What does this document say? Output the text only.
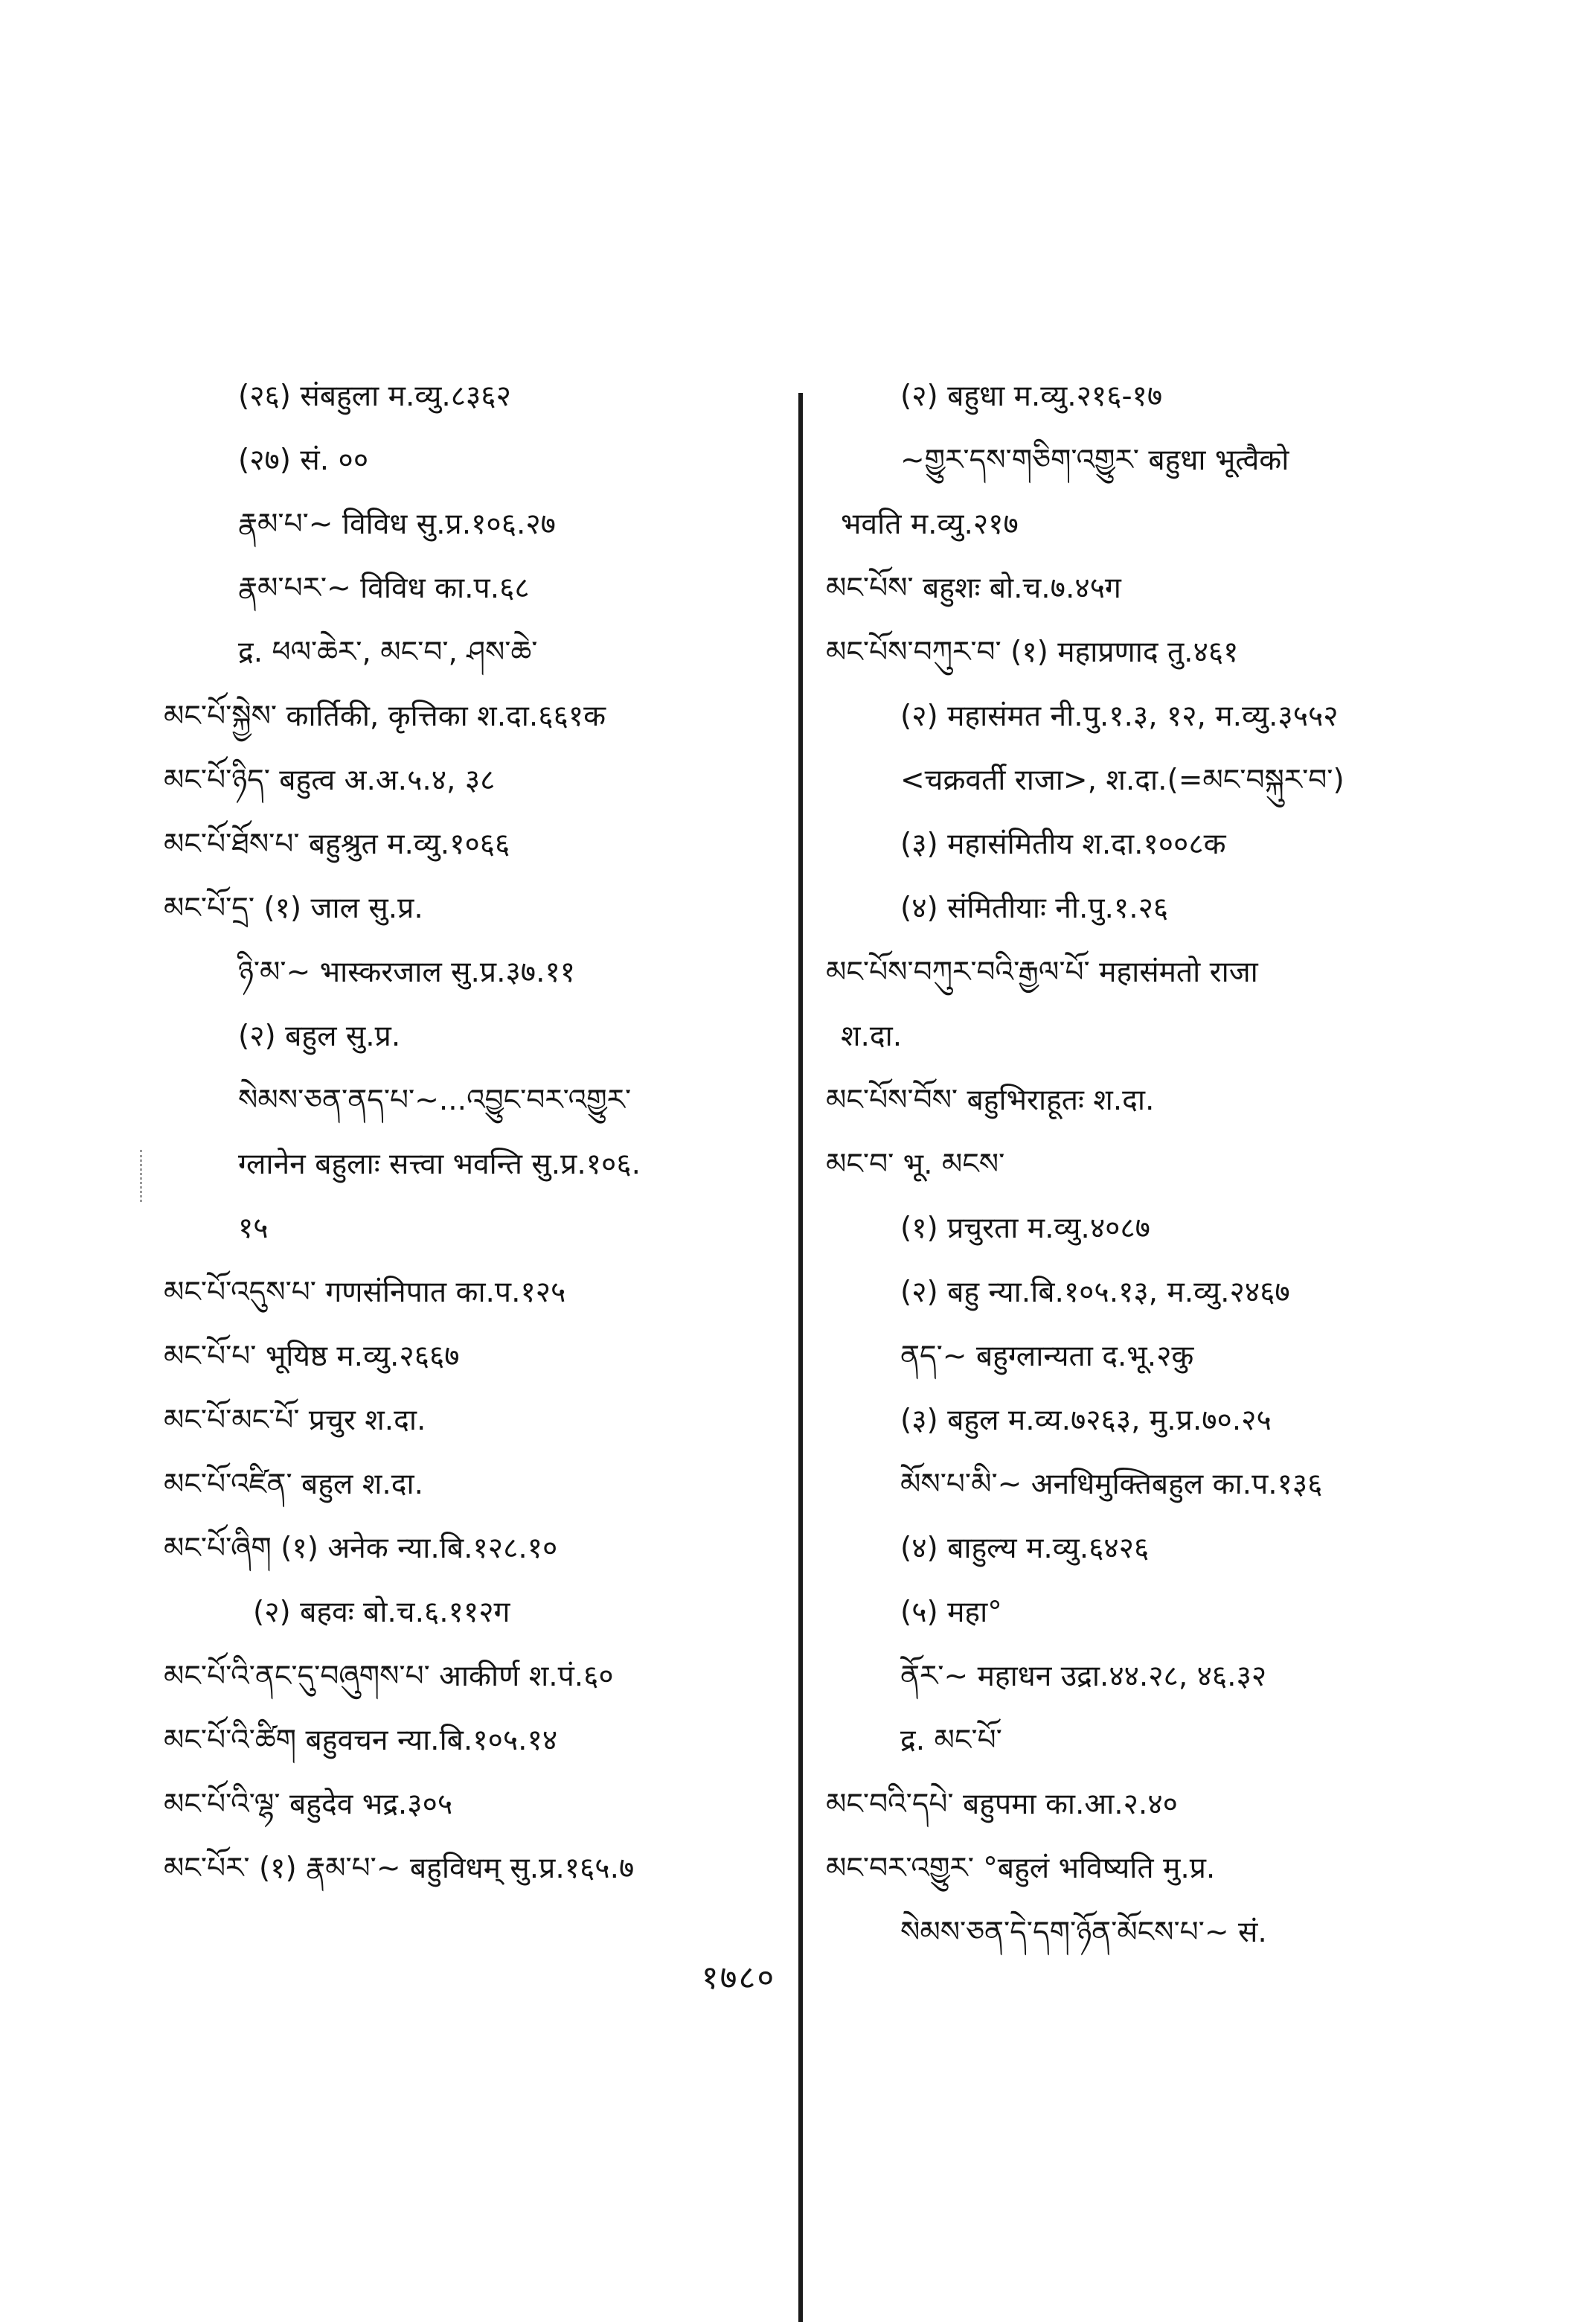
(२६) संबहुला म.व्यु.८३६२
(२७) सं. ००
རྣམ་པ་~ विविध सु.प्र.१०६.२७
རྣམ་པར་~ विविध का.प.६८
द्र. ཕལ་ཆེར་, མང་བ་, ཤས་ཆེ་
མང་པོ་སྐྱེས་ कार्तिकी, कृत्तिका श.दा.६६१क
མང་པོ་ཉིད་ बहुत्व अ.अ.५.४, ३८
མང་པོ་ཐོས་པ་ बहुश्रुत म.व्यु.१०६६
མང་པོ་དྲ་ (१) जाल सु.प्र.
ཉི་མ་~ भास्करजाल सु.प्र.३७.११
(२) बहुल सु.प्र.
སེམས་ཅན་ནད་པ་~...འབྱུང་བར་འགྱུར་
ग्लानेन बहुलाः सत्त्वा भवन्ति सु.प्र.१०६.
१५
མང་པོ་འདུས་པ་ गणसंनिपात का.प.१२५
མང་པོ་པ་ भूयिष्ठ म.व्यु.२६६७
མང་པོ་མང་པོ་ प्रचुर श.दा.
མང་པོ་འཛིན་ बहुल श.दा.
མང་པོ་ཞིག (१) अनेक न्या.बि.१२८.१०
(२) बहवः बो.च.६.११२ग
མང་པོ་འི་ནང་དུ་བཞུགས་པ་ आकीर्ण श.पं.६०
མང་པོ་འི་ཚིག बहुवचन न्या.बि.१०५.१४
མང་པོ་འི་ལྷ་ बहुदेव भद्र.३०५
མང་པོར་ (१) རྣམ་པ་~ बहुविधम् सु.प्र.१६५.७
(२) बहुधा म.व्यु.२१६-१७
~གྱུར་དས་གཅིག་འགྱུར་ बहुधा भूत्वैको
भवति म.व्यु.२१७
མང་པོས་ बहुशः बो.च.७.४५ग
མང་པོས་བཀུར་བ་ (१) महाप्रणाद तु.४६१
(२) महासंमत नी.पु.१.३, १२, म.व्यु.३५५२
<चक्रवर्ती राजा>, श.दा.(=མང་བསྐུར་བ་)
(३) महासंमितीय श.दा.१००८क
(४) संमितीयाः नी.पु.१.२६
མང་པོས་བཀུར་བའི་རྒྱལ་པོ་ महासंमतो राजा
श.दा.
མང་པོས་བོས་ बहुभिराहूतः श.दा.
མང་བ་ भू. མངས་
(१) प्रचुरता म.व्यु.४०८७
(२) बहु न्या.बि.१०५.१३, म.व्यु.२४६७
ནད་~ बहुग्लान्यता द.भू.२कु
(३) बहुल म.व्य.७२६३, मु.प्र.७०.२५
མོས་པ་མི་~ अनधिमुक्तिबहुल का.प.१३६
(४) बाहुल्य म.व्यु.६४२६
(५) महा°
ནོར་~ महाधन उद्रा.४४.२८, ४६.३२
द्र. མང་པོ་
མང་བའི་དཔེ་ बहुपमा का.आ.२.४०
མང་བར་འགྱུར་ °बहुलं भविष्यति मु.प्र.
སེམས་ཅན་དེ་དག་ཉོན་མོངས་པ་~ सं.
१७८०
